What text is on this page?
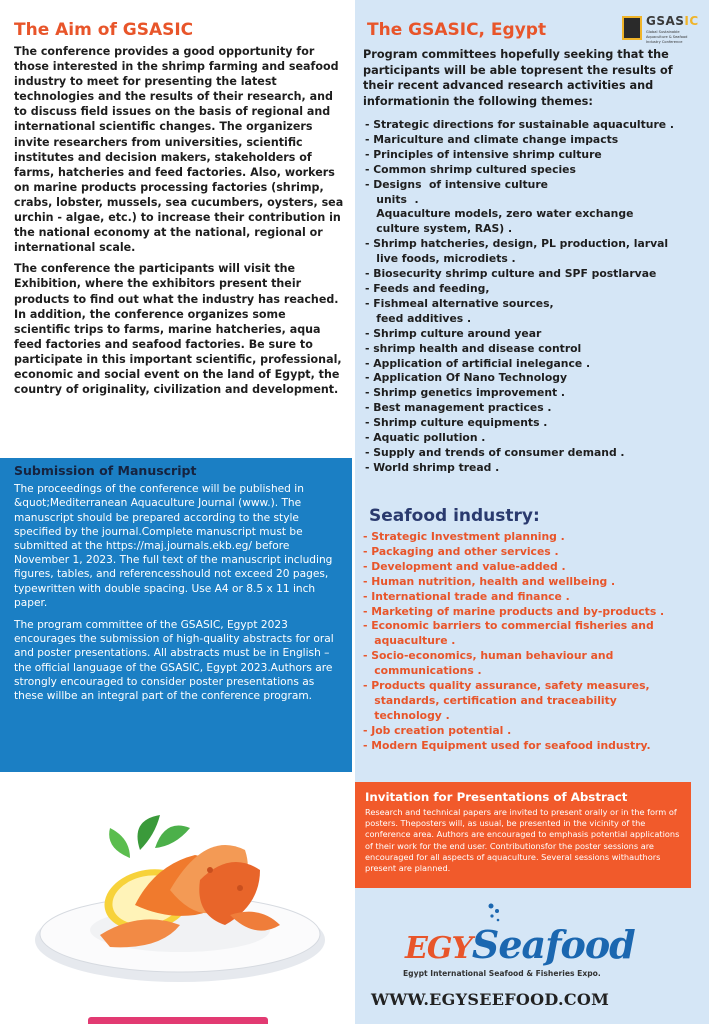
The Aim of GSASIC

The conference provides a good opportunity for those interested in the shrimp farming and seafood industry to meet for presenting the latest technologies and the results of their research, and to discuss field issues on the basis of regional and international scientific changes. The organizers invite researchers from universities, scientific institutes and decision makers, stakeholders of farms, hatcheries and feed factories. Also, workers on marine products processing factories (shrimp, crabs, lobster, mussels, sea cucumbers, oysters, sea urchin - algae, etc.) to increase their contribution in the national economy at the national, regional or international scale.

The conference the participants will visit the Exhibition, where the exhibitors present their products to find out what the industry has reached. In addition, the conference organizes some scientific trips to farms, marine hatcheries, aqua feed factories and seafood factories. Be sure to participate in this important scientific, professional, economic and social event on the land of Egypt, the country of originality, civilization and development.

Submission of Manuscript

The proceedings of the conference will be published in &quot;Mediterranean Aquaculture Journal (www.). The manuscript should be prepared according to the style specified by the journal.Complete manuscript must be submitted at the https://maj.journals.ekb.eg/ before November 1, 2023. The full text of the manuscript including figures, tables, and referencesshould not exceed 20 pages, typewritten with double spacing. Use A4 or 8.5 x 11 inch paper.

The program committee of the GSASIC, Egypt 2023 encourages the submission of high-quality abstracts for oral and poster presentations. All abstracts must be in English – the official language of the GSASIC, Egypt 2023.Authors are strongly encouraged to consider poster presentations as these willbe an integral part of the conference program.

The GSASIC, Egypt	GSASIC
Global Sustainable Aquaculture & Seafood Industry Conference

Program committees hopefully seeking that the participants will be able topresent the results of their recent advanced research activities and informationin the following themes:

- Strategic directions for sustainable aquaculture .
- Mariculture and climate change impacts
- Principles of intensive shrimp culture
- Common shrimp cultured species
- Designs  of intensive culture
units  .
Aquaculture models, zero water exchange
culture system, RAS) .
- Shrimp hatcheries, design, PL production, larval
live foods, microdiets .
- Biosecurity shrimp culture and SPF postlarvae
- Feeds and feeding,
- Fishmeal alternative sources,
feed additives .
- Shrimp culture around year
- shrimp health and disease control
- Application of artificial inelegance .
- Application Of Nano Technology
- Shrimp genetics improvement .
- Best management practices .
- Shrimp culture equipments .
- Aquatic pollution .
- Supply and trends of consumer demand .
- World shrimp tread .
Seafood industry:
- Strategic Investment planning .
- Packaging and other services .
- Development and value-added .
- Human nutrition, health and wellbeing .
- International trade and finance .
- Marketing of marine products and by-products .
- Economic barriers to commercial fisheries and
aquaculture .
- Socio-economics, human behaviour and
communications .
- Products quality assurance, safety measures,
standards, certification and traceability
technology .
- Job creation potential .
- Modern Equipment used for seafood industry.
Invitation for Presentations of Abstract

Research and technical papers are invited to present orally or in the form of posters. Theposters will, as usual, be presented in the vicinity of the conference area. Authors are encouraged to emphasis potential applications of their work for the end user. Contributionsfor the poster sessions are encouraged for all aspects of aquaculture. Several sessions withauthors present are planned.

EGYSeafood
Egypt International Seafood & Fisheries Expo.

WWW.EGYSEEFOOD.COM
